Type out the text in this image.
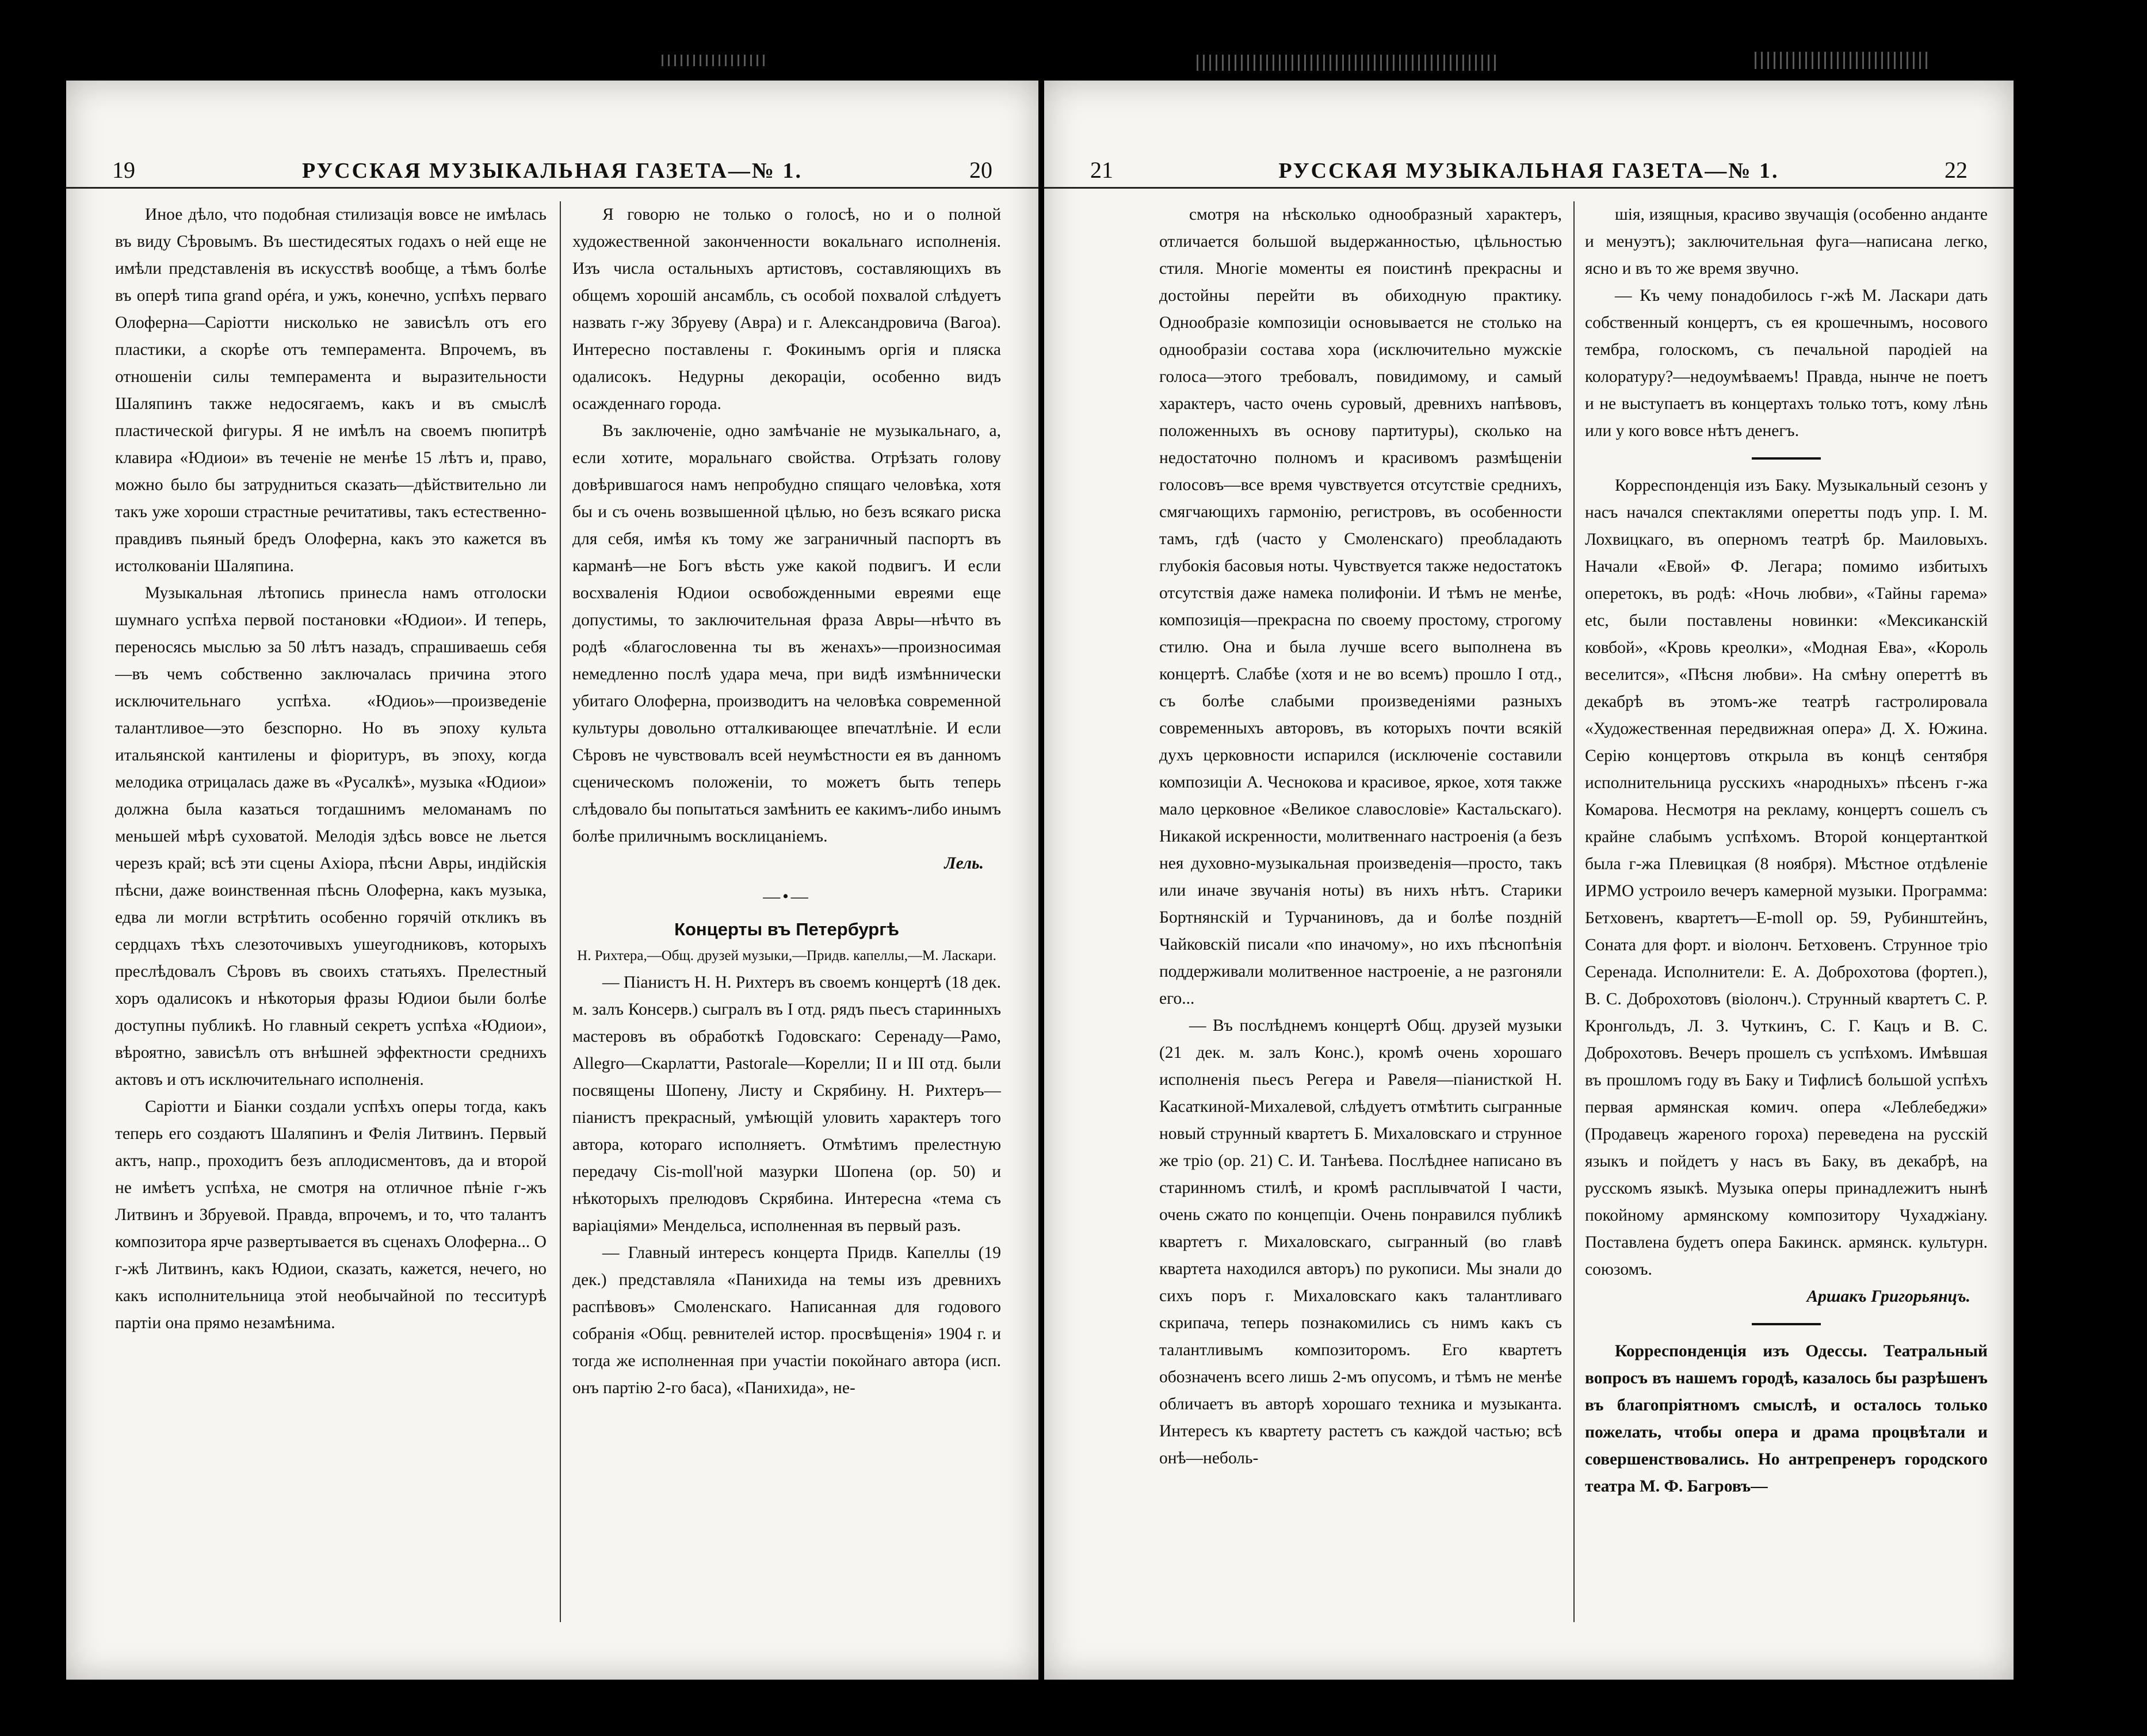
19	РУССКАЯ МУЗЫКАЛЬНАЯ ГАЗЕТА—№ 1.	20

Иное дѣло, что подобная стилизація вовсе не имѣлась въ виду Сѣровымъ. Въ шестидесятых годахъ о ней еще не имѣли представленія въ искусствѣ вообще, а тѣмъ болѣе въ оперѣ типа grand opéra, и ужъ, конечно, успѣхъ перваго Олоферна—Саріотти нисколько не зависѣлъ отъ его пластики, а скорѣе отъ темперамента. Впрочемъ, въ отношеніи силы темперамента и выразительности Шаляпинъ также недосягаемъ, какъ и въ смыслѣ пластической фигуры. Я не имѣлъ на своемъ пюпитрѣ клавира «Юдиои» въ теченіе не менѣе 15 лѣтъ и, право, можно было бы затрудниться сказать—дѣйствительно ли такъ уже хороши страстные речитативы, такъ естественно-правдивъ пьяный бредъ Олоферна, какъ это кажется въ истолкованіи Шаляпина.

Музыкальная лѣтопись принесла намъ отголоски шумнаго успѣха первой постановки «Юдиои». И теперь, переносясь мыслью за 50 лѣтъ назадъ, спрашиваешь себя—въ чемъ собственно заключалась причина этого исключительнаго успѣха. «Юдиоь»—произведеніе талантливое—это безспорно. Но въ эпоху культа итальянской кантилены и фіоритуръ, въ эпоху, когда мелодика отрицалась даже въ «Русалкѣ», музыка «Юдиои» должна была казаться тогдашнимъ меломанамъ по меньшей мѣрѣ суховатой. Мелодія здѣсь вовсе не льется черезъ край; всѣ эти сцены Ахіора, пѣсни Авры, индійскія пѣсни, даже воинственная пѣснь Олоферна, какъ музыка, едва ли могли встрѣтить особенно горячій откликъ въ сердцахъ тѣхъ слезоточивыхъ ушеугодниковъ, которыхъ преслѣдовалъ Сѣровъ въ своихъ статьяхъ. Прелестный хоръ одалисокъ и нѣкоторыя фразы Юдиои были болѣе доступны публикѣ. Но главный секретъ успѣха «Юдиои», вѣроятно, зависѣлъ отъ внѣшней эффектности среднихъ актовъ и отъ исключительнаго исполненія.

Саріотти и Біанки создали успѣхъ оперы тогда, какъ теперь его создаютъ Шаляпинъ и Фелія Литвинъ. Первый актъ, напр., проходитъ безъ аплодисментовъ, да и второй не имѣетъ успѣха, не смотря на отличное пѣніе г-жъ Литвинъ и Збруевой. Правда, впрочемъ, и то, что талантъ композитора ярче развертывается въ сценахъ Олоферна... О г-жѣ Литвинъ, какъ Юдиои, сказать, кажется, нечего, но какъ исполнительница этой необычайной по тесситурѣ партіи она прямо незамѣнима.

Я говорю не только о голосѣ, но и о полной художественной законченности вокальнаго исполненія. Изъ числа остальныхъ артистовъ, составляющихъ въ общемъ хорошій ансамбль, съ особой похвалой слѣдуетъ назвать г-жу Збруеву (Авра) и г. Александровича (Вагоа). Интересно поставлены г. Фокинымъ оргія и пляска одалисокъ. Недурны декораціи, особенно видъ осажденнаго города.

Въ заключеніе, одно замѣчаніе не музыкальнаго, а, если хотите, моральнаго свойства. Отрѣзать голову довѣрившагося намъ непробудно спящаго человѣка, хотя бы и съ очень возвышенной цѣлью, но безъ всякаго риска для себя, имѣя къ тому же заграничный паспортъ въ карманѣ—не Богъ вѣсть уже какой подвигъ. И если восхваленія Юдиои освобожденными евреями еще допустимы, то заключительная фраза Авры—нѣчто въ родѣ «благословенна ты въ женахъ»—произносимая немедленно послѣ удара меча, при видѣ измѣннически убитаго Олоферна, производитъ на человѣка современной культуры довольно отталкивающее впечатлѣніе. И если Сѣровъ не чувствовалъ всей неумѣстности ея въ данномъ сценическомъ положеніи, то можетъ быть теперь слѣдовало бы попытаться замѣнить ее какимъ-либо инымъ болѣе приличнымъ восклицаніемъ.

Лель.

—•—
Концерты въ Петербургѣ
Н. Рихтера,—Общ. друзей музыки,—Придв. капеллы,—М. Ласкари.

— Піанистъ Н. Н. Рихтеръ въ своемъ концертѣ (18 дек. м. залъ Консерв.) сыгралъ въ I отд. рядъ пьесъ старинныхъ мастеровъ въ обработкѣ Годовскаго: Серенаду—Рамо, Allegro—Скарлатти, Pastorale—Корелли; II и III отд. были посвящены Шопену, Листу и Скрябину. Н. Рихтеръ—піанистъ прекрасный, умѣющій уловить характеръ того автора, котораго исполняетъ. Отмѣтимъ прелестную передачу Cis-moll'ной мазурки Шопена (ор. 50) и нѣкоторыхъ прелюдовъ Скрябина. Интересна «тема съ варіаціями» Мендельса, исполненная въ первый разъ.

— Главный интересъ концерта Придв. Капеллы (19 дек.) представляла «Панихида на темы изъ древнихъ распѣвовъ» Смоленскаго. Написанная для годового собранія «Общ. ревнителей истор. просвѣщенія» 1904 г. и тогда же исполненная при участіи покойнаго автора (исп. онъ партію 2-го баса), «Панихида», не-

21	РУССКАЯ МУЗЫКАЛЬНАЯ ГАЗЕТА—№ 1.	22

смотря на нѣсколько однообразный характеръ, отличается большой выдержанностью, цѣльностью стиля. Многіе моменты ея поистинѣ прекрасны и достойны перейти въ обиходную практику. Однообразіе композиціи основывается не столько на однообразіи состава хора (исключительно мужскіе голоса—этого требовалъ, повидимому, и самый характеръ, часто очень суровый, древнихъ напѣвовъ, положенныхъ въ основу партитуры), сколько на недостаточно полномъ и красивомъ размѣщеніи голосовъ—все время чувствуется отсутствіе среднихъ, смягчающихъ гармонію, регистровъ, въ особенности тамъ, гдѣ (часто у Смоленскаго) преобладають глубокія басовыя ноты. Чувствуется также недостатокъ отсутствія даже намека полифоніи. И тѣмъ не менѣе, композиція—прекрасна по своему простому, строгому стилю. Она и была лучше всего выполнена въ концертѣ. Слабѣе (хотя и не во всемъ) прошло I отд., съ болѣе слабыми произведеніями разныхъ современныхъ авторовъ, въ которыхъ почти всякій духъ церковности испарился (исключеніе составили композиціи А. Чеснокова и красивое, яркое, хотя также мало церковное «Великое славословіе» Кастальскаго). Никакой искренности, молитвеннаго настроенія (а безъ нея духовно-музыкальная произведенія—просто, такъ или иначе звучанія ноты) въ нихъ нѣтъ. Старики Бортнянскій и Турчаниновъ, да и болѣе поздній Чайковскій писали «по иначому», но ихъ пѣснопѣнія поддерживали молитвенное настроеніе, а не разгоняли его...

— Въ послѣднемъ концертѣ Общ. друзей музыки (21 дек. м. залъ Конс.), кромѣ очень хорошаго исполненія пьесъ Регера и Равеля—піанисткой Н. Касаткиной-Михалевой, слѣдуетъ отмѣтить сыгранные новый струнный квартетъ Б. Михаловскаго и струнное же тріо (ор. 21) С. И. Танѣева. Послѣднее написано въ старинномъ стилѣ, и кромѣ расплывчатой I части, очень сжато по концепціи. Очень понравился публикѣ квартетъ г. Михаловскаго, сыгранный (во главѣ квартета находился авторъ) по рукописи. Мы знали до сихъ поръ г. Михаловскаго какъ талантливаго скрипача, теперь познакомились съ нимъ какъ съ талантливымъ композиторомъ. Его квартетъ обозначенъ всего лишь 2-мъ опусомъ, и тѣмъ не менѣе обличаетъ въ авторѣ хорошаго техника и музыканта. Интересъ къ квартету растетъ съ каждой частью; всѣ онѣ—неболь-

шія, изящныя, красиво звучащія (особенно анданте и менуэтъ); заключительная фуга—написана легко, ясно и въ то же время звучно.

— Къ чему понадобилось г-жѣ М. Ласкари дать собственный концертъ, съ ея крошечнымъ, носового тембра, голоскомъ, съ печальной пародіей на колоратуру?—недоумѣваемъ! Правда, нынче не поетъ и не выступаетъ въ концертахъ только тотъ, кому лѣнь или у кого вовсе нѣтъ денегъ.

Корреспонденція изъ Баку. Музыкальный сезонъ у насъ начался спектаклями оперетты подъ упр. I. М. Лохвицкаго, въ оперномъ театрѣ бр. Маиловыхъ. Начали «Евой» Ф. Легара; помимо избитыхъ оперетокъ, въ родѣ: «Ночь любви», «Тайны гарема» etc, были поставлены новинки: «Мексиканскій ковбой», «Кровь креолки», «Модная Ева», «Король веселится», «Пѣсня любви». На смѣну опереттѣ въ декабрѣ въ этомъ-же театрѣ гастролировала «Художественная передвижная опера» Д. Х. Южина. Серію концертовъ открыла въ концѣ сентября исполнительница русскихъ «народныхъ» пѣсенъ г-жа Комарова. Несмотря на рекламу, концертъ сошелъ съ крайне слабымъ успѣхомъ. Второй концертанткой была г-жа Плевицкая (8 ноября). Мѣстное отдѣленіе ИРМО устроило вечеръ камерной музыки. Программа: Бетховенъ, квартетъ—E-moll op. 59, Рубинштейнъ, Соната для форт. и віолонч. Бетховенъ. Струнное тріо Серенада. Исполнители: Е. А. Доброхотова (фортеп.), В. С. Доброхотовъ (віолонч.). Струнный квартетъ С. Р. Кронгольдъ, Л. З. Чуткинъ, С. Г. Кацъ и В. С. Доброхотовъ. Вечеръ прошелъ съ успѣхомъ. Имѣвшая въ прошломъ году въ Баку и Тифлисѣ большой успѣхъ первая армянская комич. опера «Леблебеджи» (Продавецъ жареного гороха) переведена на русскій языкъ и пойдетъ у насъ въ Баку, въ декабрѣ, на русскомъ языкѣ. Музыка оперы принадлежитъ нынѣ покойному армянскому композитору Чухаджіану. Поставлена будетъ опера Бакинск. армянск. культурн. союзомъ.

Аршакъ Григорьянцъ.

Корреспонденція изъ Одессы. Театральный вопросъ въ нашемъ городѣ, казалось бы разрѣшенъ въ благопріятномъ смыслѣ, и осталось только пожелать, чтобы опера и драма процвѣтали и совершенствовались. Но антрепренеръ городского театра М. Ф. Багровъ—
